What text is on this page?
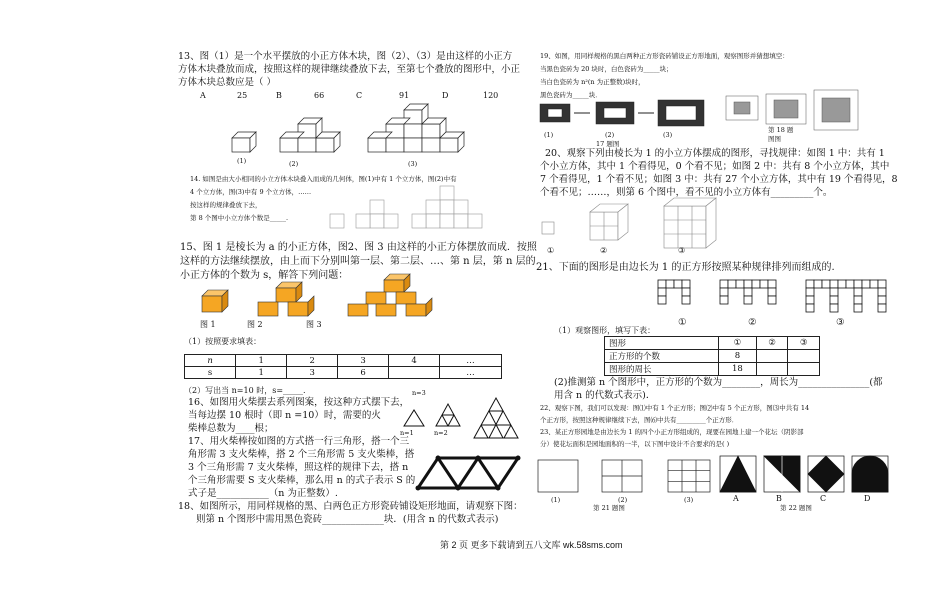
13、图（1）是一个水平摆放的小正方体木块，图（2）、（3）是由这样的小正方
方体木块叠放而成，按照这样的规律继续叠放下去，至第七个叠放的图形中，小正
方体木块总数应是（ ）
A	25	B	66	C	91	D	120
(1)	(2)	(3)
14. 如图是由大小相同的小立方体木块叠入而成的几何体，图(1)中有 1 个立方体，图(2)中有
4 个立方体，图(3)中有 9 个立方体，……
按这样的规律叠放下去，
第 8 个图中小立方体个数是_____.
15、图 1 是棱长为 a 的小正方体，图2、图 3 由这样的小正方体摆放而成．按照
这样的方法继续摆放，由上而下分别叫第一层、第二层、…、第 n 层，第 n 层的
小正方体的个数为 s，解答下列问题：
图 1	图 2	图 3
（1）按照要求填表：
n	1	2	3	4	…
s	1	3	6		…
（2）写出当 n=10 时，s=_____.
16、如图用火柴摆去系列图案，按这种方式摆下去，
当每边摆 10 根时（即 n =10）时，需要的火
柴棒总数为____根；
n=3
n=1	n=2
17、用火柴棒按如图的方式搭一行三角形，搭一个三
角形需 3 支火柴棒，搭 2 个三角形需 5 支火柴棒，搭
3 个三角形需 7 支火柴棒，照这样的规律下去，搭 n
个三角形需要 S 支火柴棒，那么用 n 的式子表示 S 的
式子是___________（n 为正整数）.
18、如图所示，用同样规格的黑、白两色正方形瓷砖铺设矩形地面，请观察下图：
则第 n 个图形中需用黑色瓷砖_____________块．(用含 n 的代数式表示)
19、如图，用同样规格的黑白两种正方形瓷砖铺设正方形地面，观察图形并猜想填空：
当黑色瓷砖为 20 块时，白色瓷砖为_____块；
当白色瓷砖为 n²(n 为正整数)块时，
黑色瓷砖为_____块．
(1)	(2)	(3)
17 题图
第 18 题
图图
20、观察下列由棱长为 1 的小立方体摆成的图形，寻找规律：如图 1 中：共有 1
个小立方体，其中 1 个看得见，0 个看不见；如图 2 中：共有 8 个小立方体，其中
7 个看得见，1 个看不见；如图 3 中：共有 27 个小立方体，其中有 19 个看得见，8
个看不见；……，则第 6 个图中，看不见的小立方体有_________个。
①	②	③
21、下面的图形是由边长为 1 的正方形按照某种规律排列而组成的.
①	②	③
（1）观察图形，填写下表：
图形	①	②	③
正方形的个数	8		
图形的周长	18		
(2)推测第 n 个图形中，正方形的个数为________，周长为_______________(都
用含 n 的代数式表示)．
22、观察下图，我们可以发现：图⑴中有 1 个正方形；图⑵中有 5 个正方形，图⑶中共有 14
个正方形，按照这种规律继续下去，图⑹中共有_________个正方形．
23、某正方形园地是由边长为 1 的四个小正方形组成的，现要在园地上建一个花坛（阴影部
分）使花坛面积是园地面积的一半，以下图中设计不合要求的是( )
(1)	(2)	(3)	A	B	C	D
第 21 题图	第 22 题图
第 2 页 更多下载请到五八文库 wk.58sms.com
